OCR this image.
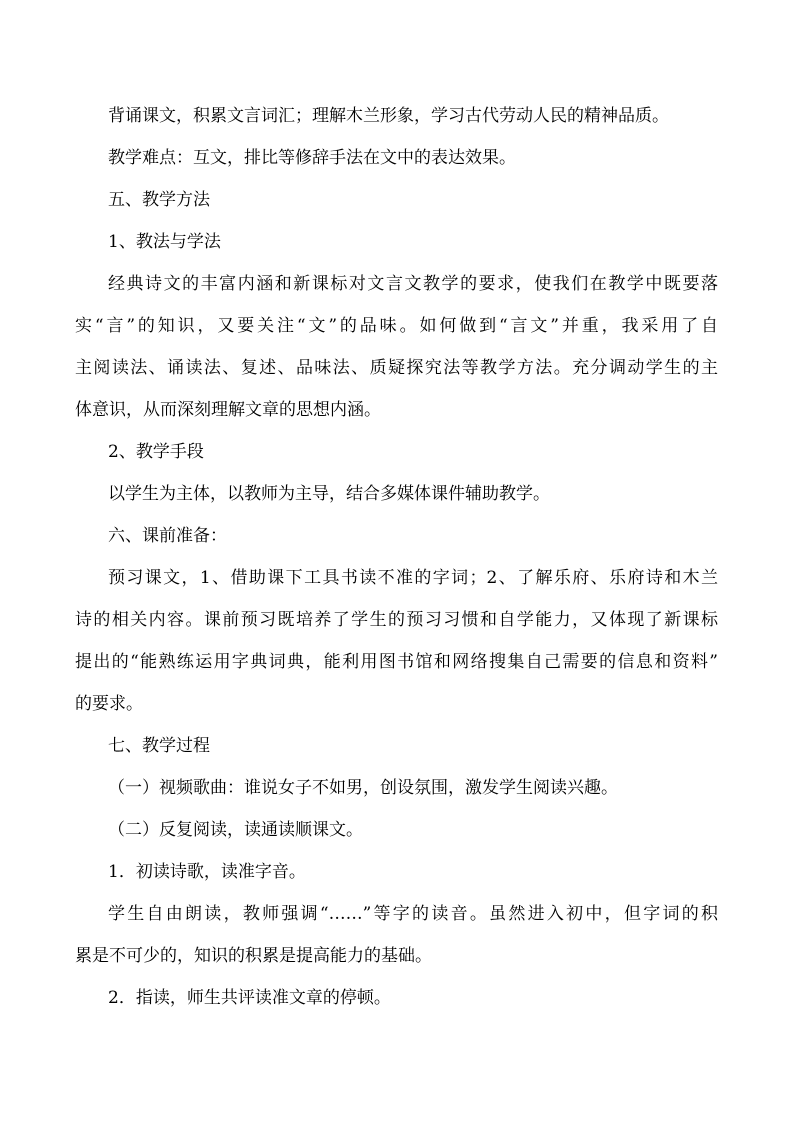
背诵课文，积累文言词汇；理解木兰形象，学习古代劳动人民的精神品质。
教学难点：互文，排比等修辞手法在文中的表达效果。
五、教学方法
1、教法与学法
经典诗文的丰富内涵和新课标对文言文教学的要求，使我们在教学中既要落
实“言”的知识，又要关注“文”的品味。如何做到“言文”并重，我采用了自
主阅读法、诵读法、复述、品味法、质疑探究法等教学方法。充分调动学生的主
体意识，从而深刻理解文章的思想内涵。
2、教学手段
以学生为主体，以教师为主导，结合多媒体课件辅助教学。
六、课前准备：
预习课文，1、借助课下工具书读不准的字词；2、了解乐府、乐府诗和木兰
诗的相关内容。课前预习既培养了学生的预习习惯和自学能力，又体现了新课标
提出的“能熟练运用字典词典，能利用图书馆和网络搜集自己需要的信息和资料”
的要求。
七、教学过程
（一）视频歌曲：谁说女子不如男，创设氛围，激发学生阅读兴趣。
（二）反复阅读，读通读顺课文。
1．初读诗歌，读准字音。
学生自由朗读，教师强调“……”等字的读音。虽然进入初中，但字词的积
累是不可少的，知识的积累是提高能力的基础。
2．指读，师生共评读准文章的停顿。
